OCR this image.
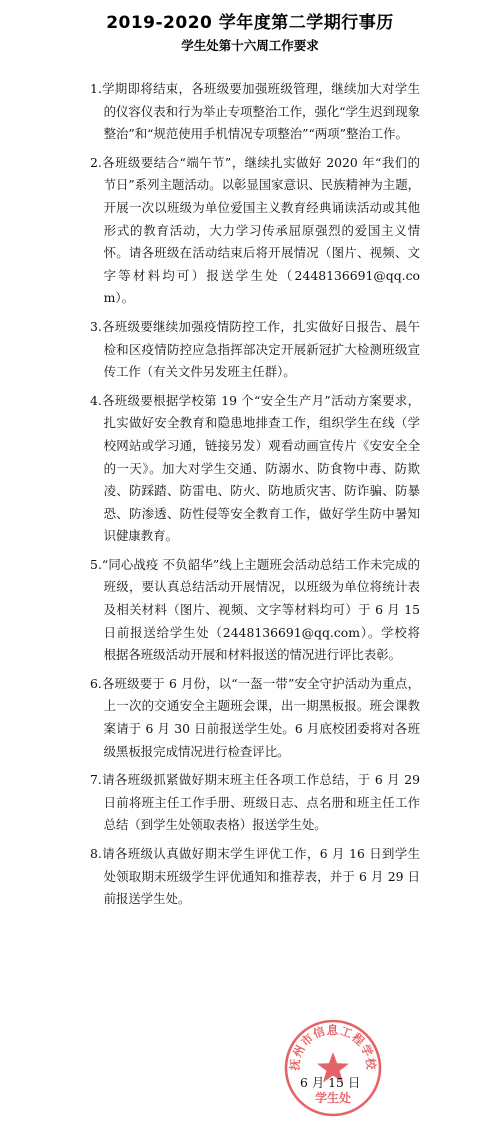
2019-2020 学年度第二学期行事历
学生处第十六周工作要求
1.学期即将结束，各班级要加强班级管理，继续加大对学生的仪容仪表和行为举止专项整治工作，强化“学生迟到现象整治”和“规范使用手机情况专项整治”“两项”整治工作。
2.各班级要结合“端午节”，继续扎实做好 2020 年“我们的节日”系列主题活动。以彰显国家意识、民族精神为主题，开展一次以班级为单位爱国主义教育经典诵读活动或其他形式的教育活动，大力学习传承屈原强烈的爱国主义情怀。请各班级在活动结束后将开展情况（图片、视频、文字等材料均可）报送学生处（2448136691@qq.com）。
3.各班级要继续加强疫情防控工作，扎实做好日报告、晨午检和区疫情防控应急指挥部决定开展新冠扩大检测班级宣传工作（有关文件另发班主任群）。
4.各班级要根据学校第 19 个“安全生产月”活动方案要求，扎实做好安全教育和隐患地排查工作，组织学生在线（学校网站或学习通，链接另发）观看动画宣传片《安安全全的一天》。加大对学生交通、防溺水、防食物中毒、防欺凌、防踩踏、防雷电、防火、防地质灾害、防诈骗、防暴恐、防渗透、防性侵等安全教育工作，做好学生防中暑知识健康教育。
5.“同心战疫 不负韶华”线上主题班会活动总结工作未完成的班级，要认真总结活动开展情况，以班级为单位将统计表及相关材料（图片、视频、文字等材料均可）于 6 月 15 日前报送给学生处（2448136691@qq.com）。学校将根据各班级活动开展和材料报送的情况进行评比表彰。
6.各班级要于 6 月份，以“一盔一带”安全守护活动为重点，上一次的交通安全主题班会课，出一期黑板报。班会课教案请于 6 月 30 日前报送学生处。6 月底校团委将对各班级黑板报完成情况进行检查评比。
7.请各班级抓紧做好期末班主任各项工作总结，于 6 月 29 日前将班主任工作手册、班级日志、点名册和班主任工作总结（到学生处领取表格）报送学生处。
8.请各班级认真做好期末学生评优工作，6 月 16 日到学生处领取期末班级学生评优通知和推荐表，并于 6 月 29 日前报送学生处。
抚州市信息工程学校
学生处
6 月 15 日
